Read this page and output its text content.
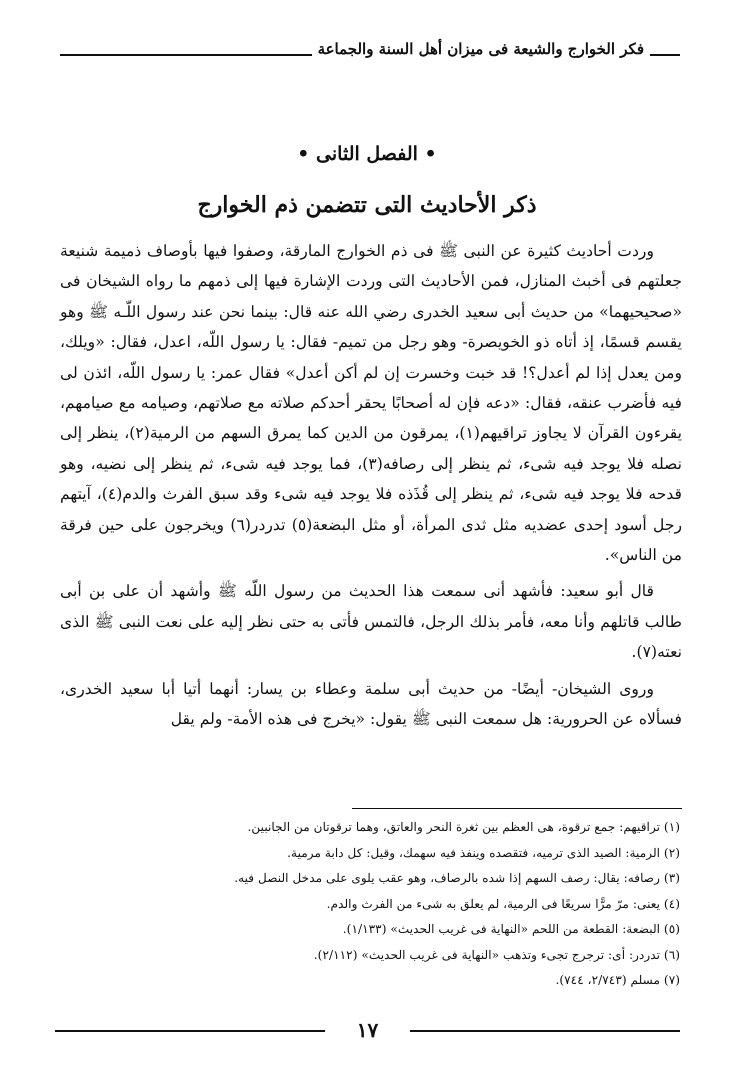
فكر الخوارج والشيعة فى ميزان أهل السنة والجماعة
• الفصل الثانى •
ذكر الأحاديث التى تتضمن ذم الخوارج

وردت أحاديث كثيرة عن النبى ﷺ فى ذم الخوارج المارقة، وصفوا فيها بأوصاف ذميمة شنيعة جعلتهم فى أخبث المنازل، فمن الأحاديث التى وردت الإشارة فيها إلى ذمهم ما رواه الشيخان فى «صحيحيهما» من حديث أبى سعيد الخدرى رضي الله عنه قال: بينما نحن عند رسول اللّـه ﷺ وهو يقسم قسمًا، إذ أتاه ذو الخويصرة- وهو رجل من تميم- فقال: يا رسول اللّه، اعدل، فقال: «ويلك، ومن يعدل إذا لم أعدل؟! قد خبت وخسرت إن لم أكن أعدل» فقال عمر: يا رسول اللّه، ائذن لى فيه فأضرب عنقه، فقال: «دعه فإن له أصحابًا يحقر أحدكم صلاته مع صلاتهم، وصيامه مع صيامهم، يقرءون القرآن لا يجاوز تراقيهم(١)، يمرقون من الدين كما يمرق السهم من الرمية(٢)، ينظر إلى نصله فلا يوجد فيه شىء، ثم ينظر إلى رصافه(٣)، فما يوجد فيه شىء، ثم ينظر إلى نضيه، وهو قدحه فلا يوجد فيه شىء، ثم ينظر إلى قُذَذه فلا يوجد فيه شىء وقد سبق الفرث والدم(٤)، آيتهم رجل أسود إحدى عضديه مثل ثدى المرأة، أو مثل البضعة(٥) تدردر(٦) ويخرجون على حين فرقة من الناس».

قال أبو سعيد: فأشهد أنى سمعت هذا الحديث من رسول اللّه ﷺ وأشهد أن على بن أبى طالب قاتلهم وأنا معه، فأمر بذلك الرجل، فالتمس فأتى به حتى نظر إليه على نعت النبى ﷺ الذى نعته(٧).

وروى الشيخان- أيضًا- من حديث أبى سلمة وعطاء بن يسار: أنهما أتيا أبا سعيد الخدرى، فسألاه عن الحرورية: هل سمعت النبى ﷺ يقول: «يخرج فى هذه الأمة- ولم يقل

(١) تراقيهم: جمع ترقوة، هى العظم بين ثغرة النحر والعاتق، وهما ترقوتان من الجانبين.
(٢) الرمية: الصيد الذى ترميه، فتقصده وينفذ فيه سهمك، وقيل: كل دابة مرمية.
(٣) رصافه: يقال: رصف السهم إذا شده بالرصاف، وهو عقب يلوى على مدخل النصل فيه.
(٤) يعنى: مرّ مرًّا سريعًا فى الرمية، لم يعلق به شىء من الفرث والدم.
(٥) البضعة: القطعة من اللحم «النهاية فى غريب الحديث» (١/١٣٣).
(٦) تدردر: أى: ترجرج تجىء وتذهب «النهاية فى غريب الحديث» (٢/١١٢).
(٧) مسلم (٢/٧٤٣، ٧٤٤).
١٧
